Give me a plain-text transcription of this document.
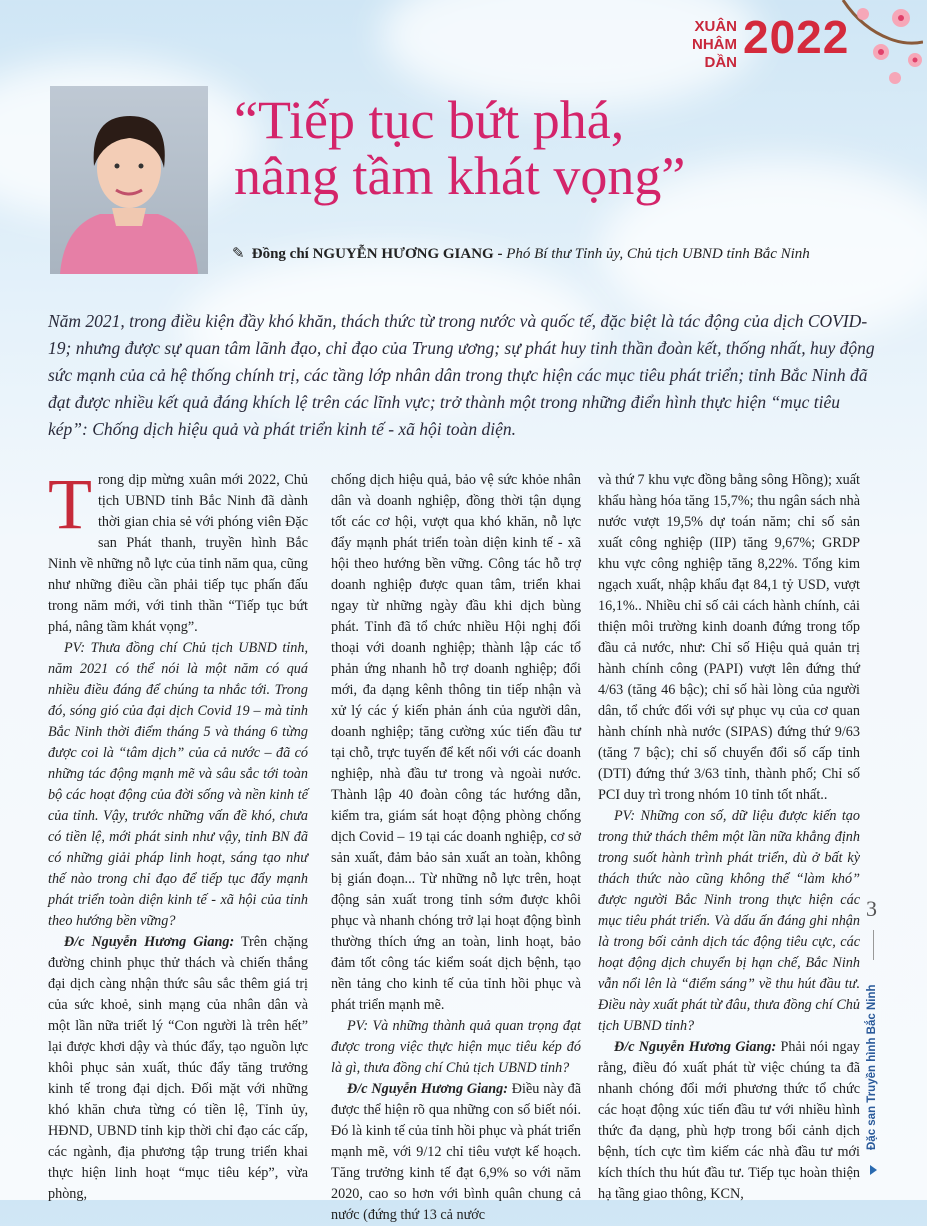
XUÂN
NHÂM DẦN 2022
“Tiếp tục bứt phá,
nâng tầm khát vọng”
✎ Đồng chí NGUYỄN HƯƠNG GIANG - Phó Bí thư Tỉnh ủy, Chủ tịch UBND tỉnh Bắc Ninh
Năm 2021, trong điều kiện đầy khó khăn, thách thức từ trong nước và quốc tế, đặc biệt là tác động của dịch COVID-19; nhưng được sự quan tâm lãnh đạo, chỉ đạo của Trung ương; sự phát huy tinh thần đoàn kết, thống nhất, huy động sức mạnh của cả hệ thống chính trị, các tầng lớp nhân dân trong thực hiện các mục tiêu phát triển; tỉnh Bắc Ninh đã đạt được nhiều kết quả đáng khích lệ trên các lĩnh vực; trở thành một trong những điển hình thực hiện “mục tiêu kép”: Chống dịch hiệu quả và phát triển kinh tế - xã hội toàn diện.

Trong dịp mừng xuân mới 2022, Chủ tịch UBND tỉnh Bắc Ninh đã dành thời gian chia sẻ với phóng viên Đặc san Phát thanh, truyền hình Bắc Ninh về những nỗ lực của tỉnh năm qua, cũng như những điều cần phải tiếp tục phấn đấu trong năm mới, với tinh thần “Tiếp tục bứt phá, nâng tầm khát vọng”.

PV: Thưa đồng chí Chủ tịch UBND tỉnh, năm 2021 có thể nói là một năm có quá nhiều điều đáng để chúng ta nhắc tới. Trong đó, sóng gió của đại dịch Covid 19 – mà tỉnh Bắc Ninh thời điểm tháng 5 và tháng 6 từng được coi là “tâm dịch” của cả nước – đã có những tác động mạnh mẽ và sâu sắc tới toàn bộ các hoạt động của đời sống và nền kinh tế của tỉnh. Vậy, trước những vấn đề khó, chưa có tiền lệ, mới phát sinh như vậy, tỉnh BN đã có những giải pháp linh hoạt, sáng tạo như thế nào trong chỉ đạo để tiếp tục đẩy mạnh phát triển toàn diện kinh tế - xã hội của tỉnh theo hướng bền vững?

Đ/c Nguyễn Hương Giang: Trên chặng đường chinh phục thử thách và chiến thắng đại dịch càng nhận thức sâu sắc thêm giá trị của sức khoẻ, sinh mạng của nhân dân và một lần nữa triết lý “Con người là trên hết” lại được khơi dậy và thúc đẩy, tạo nguồn lực khôi phục sản xuất, thúc đẩy tăng trưởng kinh tế trong đại dịch. Đối mặt với những khó khăn chưa từng có tiền lệ, Tỉnh ủy, HĐND, UBND tỉnh kịp thời chỉ đạo các cấp, các ngành, địa phương tập trung triển khai thực hiện linh hoạt “mục tiêu kép”, vừa phòng,

chống dịch hiệu quả, bảo vệ sức khỏe nhân dân và doanh nghiệp, đồng thời tận dụng tốt các cơ hội, vượt qua khó khăn, nỗ lực đẩy mạnh phát triển toàn diện kinh tế - xã hội theo hướng bền vững. Công tác hỗ trợ doanh nghiệp được quan tâm, triển khai ngay từ những ngày đầu khi dịch bùng phát. Tỉnh đã tổ chức nhiều Hội nghị đối thoại với doanh nghiệp; thành lập các tổ phản ứng nhanh hỗ trợ doanh nghiệp; đổi mới, đa dạng kênh thông tin tiếp nhận và xử lý các ý kiến phản ánh của người dân, doanh nghiệp; tăng cường xúc tiến đầu tư tại chỗ, trực tuyến để kết nối với các doanh nghiệp, nhà đầu tư trong và ngoài nước. Thành lập 40 đoàn công tác hướng dẫn, kiểm tra, giám sát hoạt động phòng chống dịch Covid – 19 tại các doanh nghiệp, cơ sở sản xuất, đảm bảo sản xuất an toàn, không bị gián đoạn... Từ những nỗ lực trên, hoạt động sản xuất trong tỉnh sớm được khôi phục và nhanh chóng trở lại hoạt động bình thường thích ứng an toàn, linh hoạt, bảo đảm tốt công tác kiểm soát dịch bệnh, tạo nền tảng cho kinh tế của tỉnh hồi phục và phát triển mạnh mẽ.

PV: Và những thành quả quan trọng đạt được trong việc thực hiện mục tiêu kép đó là gì, thưa đồng chí Chủ tịch UBND tỉnh?

Đ/c Nguyễn Hương Giang: Điều này đã được thể hiện rõ qua những con số biết nói. Đó là kinh tế của tỉnh hồi phục và phát triển mạnh mẽ, với 9/12 chỉ tiêu vượt kế hoạch. Tăng trưởng kinh tế đạt 6,9% so với năm 2020, cao so hơn với bình quân chung cả nước (đứng thứ 13 cả nước

và thứ 7 khu vực đồng bằng sông Hồng); xuất khẩu hàng hóa tăng 15,7%; thu ngân sách nhà nước vượt 19,5% dự toán năm; chỉ số sản xuất công nghiệp (IIP) tăng 9,67%; GRDP khu vực công nghiệp tăng 8,22%. Tổng kim ngạch xuất, nhập khẩu đạt 84,1 tỷ USD, vượt 16,1%.. Nhiều chỉ số cải cách hành chính, cải thiện môi trường kinh doanh đứng trong tốp đầu cả nước, như: Chỉ số Hiệu quả quản trị hành chính công (PAPI) vượt lên đứng thứ 4/63 (tăng 46 bậc); chỉ số hài lòng của người dân, tổ chức đối với sự phục vụ của cơ quan hành chính nhà nước (SIPAS) đứng thứ 9/63 (tăng 7 bậc); chỉ số chuyển đổi số cấp tỉnh (DTI) đứng thứ 3/63 tỉnh, thành phố; Chỉ số PCI duy trì trong nhóm 10 tỉnh tốt nhất..

PV: Những con số, dữ liệu được kiến tạo trong thử thách thêm một lần nữa khẳng định trong suốt hành trình phát triển, dù ở bất kỳ thách thức nào cũng không thể “làm khó” được người Bắc Ninh trong thực hiện các mục tiêu phát triển. Và dấu ấn đáng ghi nhận là trong bối cảnh dịch tác động tiêu cực, các hoạt động dịch chuyển bị hạn chế, Bắc Ninh vẫn nổi lên là “điểm sáng” về thu hút đầu tư. Điều này xuất phát từ đâu, thưa đồng chí Chủ tịch UBND tỉnh?

Đ/c Nguyễn Hương Giang: Phải nói ngay rằng, điều đó xuất phát từ việc chúng ta đã nhanh chóng đổi mới phương thức tổ chức các hoạt động xúc tiến đầu tư với nhiều hình thức đa dạng, phù hợp trong bối cảnh dịch bệnh, tích cực tìm kiếm các nhà đầu tư mới kích thích thu hút đầu tư. Tiếp tục hoàn thiện hạ tầng giao thông, KCN,

3
Đặc san Truyền hình Bắc Ninh
